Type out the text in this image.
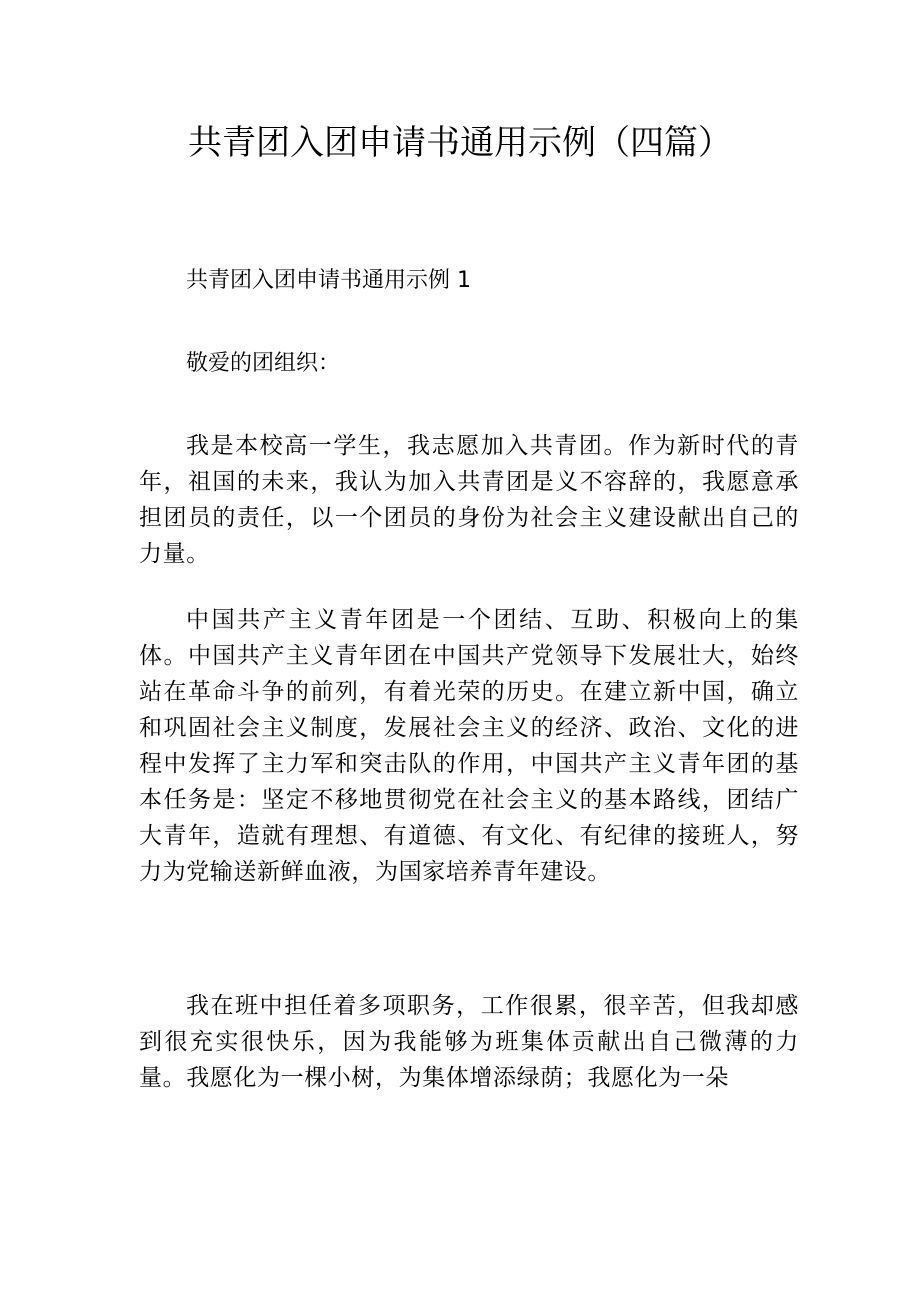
共青团入团申请书通用示例（四篇）

共青团入团申请书通用示例 1

敬爱的团组织：

我是本校高一学生，我志愿加入共青团。作为新时代的青年，祖国的未来，我认为加入共青团是义不容辞的，我愿意承担团员的责任，以一个团员的身份为社会主义建设献出自己的力量。

中国共产主义青年团是一个团结、互助、积极向上的集体。中国共产主义青年团在中国共产党领导下发展壮大，始终站在革命斗争的前列，有着光荣的历史。在建立新中国，确立和巩固社会主义制度，发展社会主义的经济、政治、文化的进程中发挥了主力军和突击队的作用，中国共产主义青年团的基本任务是：坚定不移地贯彻党在社会主义的基本路线，团结广大青年，造就有理想、有道德、有文化、有纪律的接班人，努力为党输送新鲜血液，为国家培养青年建设。

我在班中担任着多项职务，工作很累，很辛苦，但我却感到很充实很快乐，因为我能够为班集体贡献出自己微薄的力量。我愿化为一棵小树，为集体增添绿荫；我愿化为一朵
